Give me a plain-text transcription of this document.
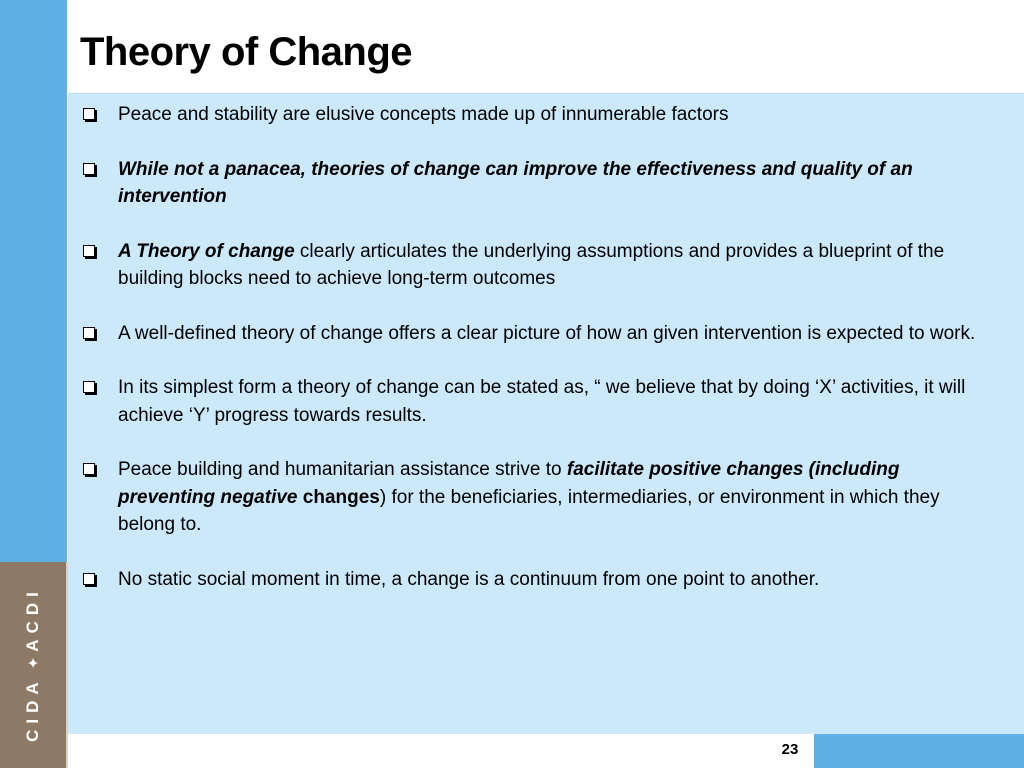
CIDA
✦
ACDI
Theory of Change
Peace and stability are elusive concepts made up of innumerable factors
While not a panacea, theories of change can improve the effectiveness and quality of an intervention
A Theory of change clearly articulates the underlying assumptions and provides a blueprint of the building blocks need to achieve long-term outcomes
A well-defined theory of change offers a clear picture of how an given intervention is expected to work.
In its simplest form a theory of change can be stated as, “ we believe that by doing ‘X’ activities, it will achieve ‘Y’ progress towards results.
Peace building and humanitarian assistance strive to facilitate positive changes (including preventing negative changes) for the beneficiaries, intermediaries, or environment in which they belong to.
No static social moment in time, a change is a continuum from one point to another.
23
